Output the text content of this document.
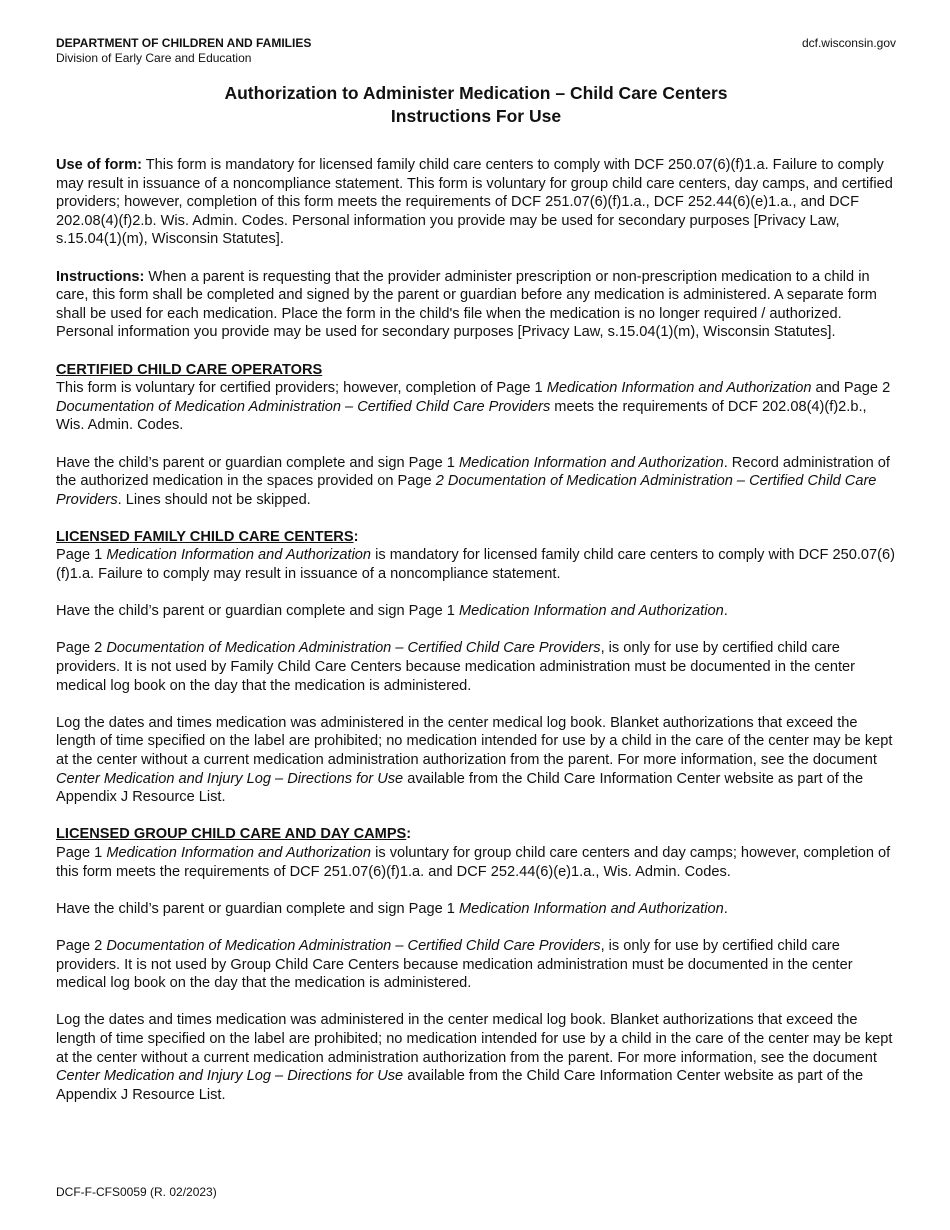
DEPARTMENT OF CHILDREN AND FAMILIES
Division of Early Care and Education
dcf.wisconsin.gov
Authorization to Administer Medication – Child Care Centers
Instructions For Use

Use of form: This form is mandatory for licensed family child care centers to comply with DCF 250.07(6)(f)1.a. Failure to comply may result in issuance of a noncompliance statement. This form is voluntary for group child care centers, day camps, and certified providers; however, completion of this form meets the requirements of DCF 251.07(6)(f)1.a., DCF 252.44(6)(e)1.a., and DCF 202.08(4)(f)2.b. Wis. Admin. Codes. Personal information you provide may be used for secondary purposes [Privacy Law, s.15.04(1)(m), Wisconsin Statutes].

Instructions: When a parent is requesting that the provider administer prescription or non-prescription medication to a child in care, this form shall be completed and signed by the parent or guardian before any medication is administered. A separate form shall be used for each medication. Place the form in the child's file when the medication is no longer required / authorized. Personal information you provide may be used for secondary purposes [Privacy Law, s.15.04(1)(m), Wisconsin Statutes].

CERTIFIED CHILD CARE OPERATORS

This form is voluntary for certified providers; however, completion of Page 1 Medication Information and Authorization and Page 2 Documentation of Medication Administration – Certified Child Care Providers meets the requirements of DCF 202.08(4)(f)2.b., Wis. Admin. Codes.

Have the child’s parent or guardian complete and sign Page 1 Medication Information and Authorization. Record administration of the authorized medication in the spaces provided on Page 2 Documentation of Medication Administration – Certified Child Care Providers. Lines should not be skipped.

LICENSED FAMILY CHILD CARE CENTERS:

Page 1 Medication Information and Authorization is mandatory for licensed family child care centers to comply with DCF 250.07(6)(f)1.a. Failure to comply may result in issuance of a noncompliance statement.

Have the child’s parent or guardian complete and sign Page 1 Medication Information and Authorization.

Page 2 Documentation of Medication Administration – Certified Child Care Providers, is only for use by certified child care providers. It is not used by Family Child Care Centers because medication administration must be documented in the center medical log book on the day that the medication is administered.

Log the dates and times medication was administered in the center medical log book. Blanket authorizations that exceed the length of time specified on the label are prohibited; no medication intended for use by a child in the care of the center may be kept at the center without a current medication administration authorization from the parent. For more information, see the document Center Medication and Injury Log – Directions for Use available from the Child Care Information Center website as part of the Appendix J Resource List.

LICENSED GROUP CHILD CARE AND DAY CAMPS:

Page 1 Medication Information and Authorization is voluntary for group child care centers and day camps; however, completion of this form meets the requirements of DCF 251.07(6)(f)1.a. and DCF 252.44(6)(e)1.a., Wis. Admin. Codes.

Have the child’s parent or guardian complete and sign Page 1 Medication Information and Authorization.

Page 2 Documentation of Medication Administration – Certified Child Care Providers, is only for use by certified child care providers. It is not used by Group Child Care Centers because medication administration must be documented in the center medical log book on the day that the medication is administered.

Log the dates and times medication was administered in the center medical log book. Blanket authorizations that exceed the length of time specified on the label are prohibited; no medication intended for use by a child in the care of the center may be kept at the center without a current medication administration authorization from the parent. For more information, see the document Center Medication and Injury Log – Directions for Use available from the Child Care Information Center website as part of the Appendix J Resource List.

DCF-F-CFS0059 (R. 02/2023)
